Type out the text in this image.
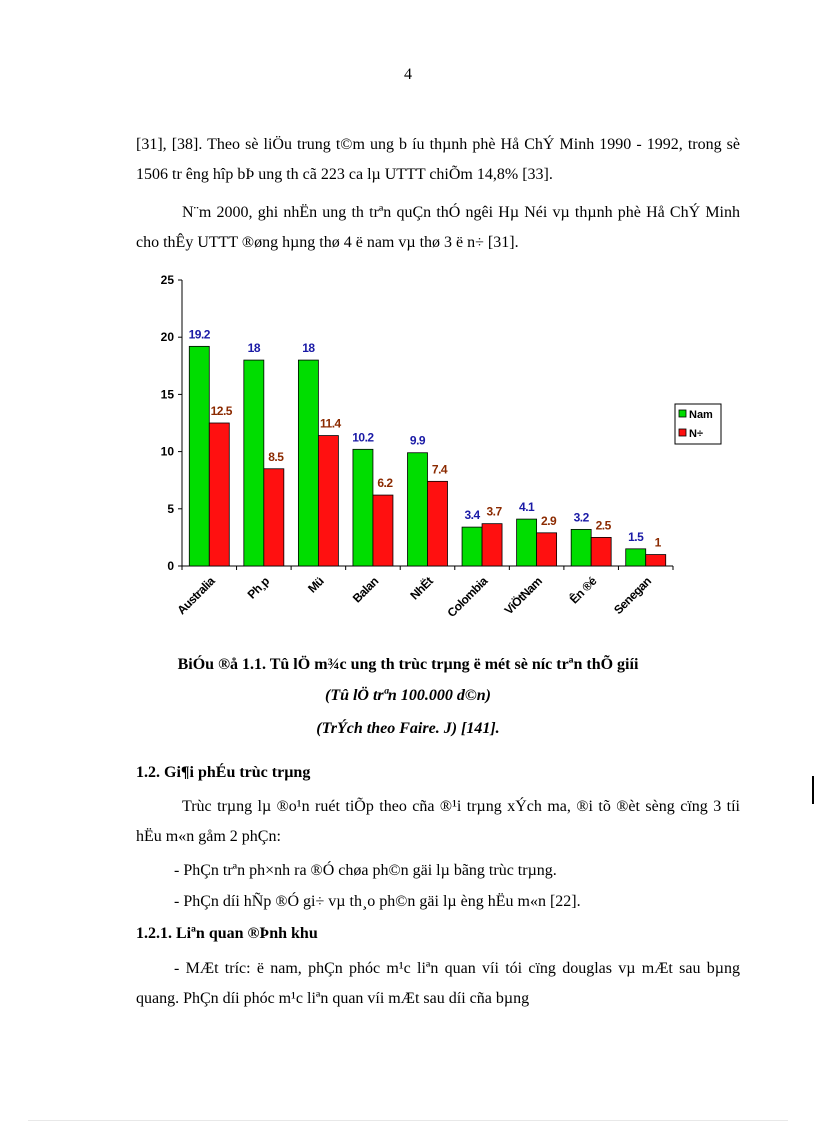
4

[31], [38]. Theo sè liÖu trung t©m ung b íu thµnh phè Hå ChÝ Minh 1990 - 1992, trong sè 1506 tr êng hîp bÞ ung th cã 223 ca lµ UTTT chiÕm 14,8% [33].

N¨m 2000, ghi nhËn ung th trªn quÇn thÓ ngêi Hµ Néi vµ thµnh phè Hå ChÝ Minh cho thÊy UTTT ®øng hµng thø 4 ë nam vµ thø 3 ë n÷ [31].

0
5
10
15
20
25
19.2
12.5
Australia
18
8.5
Ph¸p
18
11.4
Mü
10.2
6.2
Balan
9.9
7.4
NhËt
3.4 3.7
Colombia
4.1
2.9
ViÖtNam
3.2
2.5
Ên ®é
1.5 1
Senegan
Nam
N÷
BiÓu ®å 1.1. Tû lÖ m¾c ung th trùc trµng ë mét sè níc trªn thÕ giíi
(Tû lÖ trªn 100.000 d©n)
(TrÝch theo Faire. J) [141].
1.2. Gi¶i phÉu trùc trµng

Trùc trµng lµ ®o¹n ruét tiÕp theo cña ®¹i trµng xÝch ma, ®i tõ ®èt sèng cïng 3 tíi hËu m«n gåm 2 phÇn:

- PhÇn trªn ph×nh ra ®Ó chøa ph©n gäi lµ bãng trùc trµng.
- PhÇn díi hÑp ®Ó gi÷ vµ th¸o ph©n gäi lµ èng hËu m«n [22].
1.2.1. Liªn quan ®Þnh khu

- MÆt tríc: ë nam, phÇn phóc m¹c liªn quan víi tói cïng douglas vµ mÆt sau bµng quang. PhÇn díi phóc m¹c liªn quan víi mÆt sau díi cña bµng
